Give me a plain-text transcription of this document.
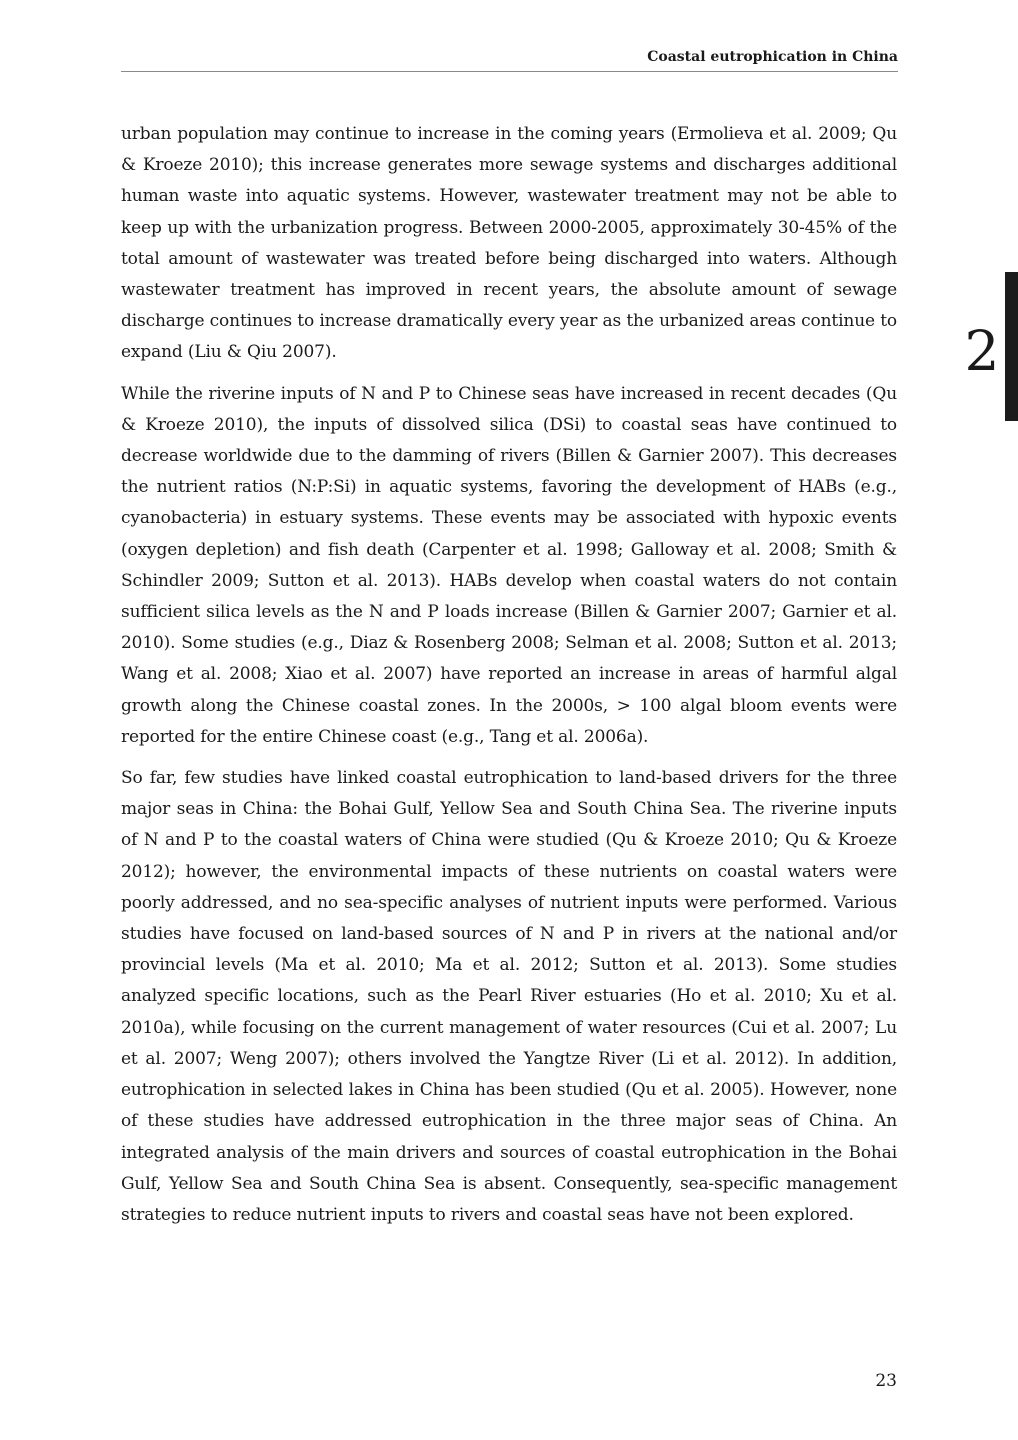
Coastal eutrophication in China
2

urban population may continue to increase in the coming years (Ermolieva et al. 2009; Qu & Kroeze 2010); this increase generates more sewage systems and discharges additional human waste into aquatic systems. However, wastewater treatment may not be able to keep up with the urbanization progress. Between 2000-2005, approximately 30-45% of the total amount of wastewater was treated before being discharged into waters. Although wastewater treatment has improved in recent years, the absolute amount of sewage discharge continues to increase dramatically every year as the urbanized areas continue to expand (Liu & Qiu 2007).

While the riverine inputs of N and P to Chinese seas have increased in recent decades (Qu & Kroeze 2010), the inputs of dissolved silica (DSi) to coastal seas have continued to decrease worldwide due to the damming of rivers (Billen & Garnier 2007). This decreases the nutrient ratios (N:P:Si) in aquatic systems, favoring the development of HABs (e.g., cyanobacteria) in estuary systems. These events may be associated with hypoxic events (oxygen depletion) and fish death (Carpenter et al. 1998; Galloway et al. 2008; Smith & Schindler 2009; Sutton et al. 2013). HABs develop when coastal waters do not contain sufficient silica levels as the N and P loads increase (Billen & Garnier 2007; Garnier et al. 2010). Some studies (e.g., Diaz & Rosenberg 2008; Selman et al. 2008; Sutton et al. 2013; Wang et al. 2008; Xiao et al. 2007) have reported an increase in areas of harmful algal growth along the Chinese coastal zones. In the 2000s, > 100 algal bloom events were reported for the entire Chinese coast (e.g., Tang et al. 2006a).

So far, few studies have linked coastal eutrophication to land-based drivers for the three major seas in China: the Bohai Gulf, Yellow Sea and South China Sea. The riverine inputs of N and P to the coastal waters of China were studied (Qu & Kroeze 2010; Qu & Kroeze 2012); however, the environmental impacts of these nutrients on coastal waters were poorly addressed, and no sea-specific analyses of nutrient inputs were performed. Various studies have focused on land-based sources of N and P in rivers at the national and/or provincial levels (Ma et al. 2010; Ma et al. 2012; Sutton et al. 2013). Some studies analyzed specific locations, such as the Pearl River estuaries (Ho et al. 2010; Xu et al. 2010a), while focusing on the current management of water resources (Cui et al. 2007; Lu et al. 2007; Weng 2007); others involved the Yangtze River (Li et al. 2012). In addition, eutrophication in selected lakes in China has been studied (Qu et al. 2005). However, none of these studies have addressed eutrophication in the three major seas of China. An integrated analysis of the main drivers and sources of coastal eutrophication in the Bohai Gulf, Yellow Sea and South China Sea is absent. Consequently, sea-specific management strategies to reduce nutrient inputs to rivers and coastal seas have not been explored.

23
